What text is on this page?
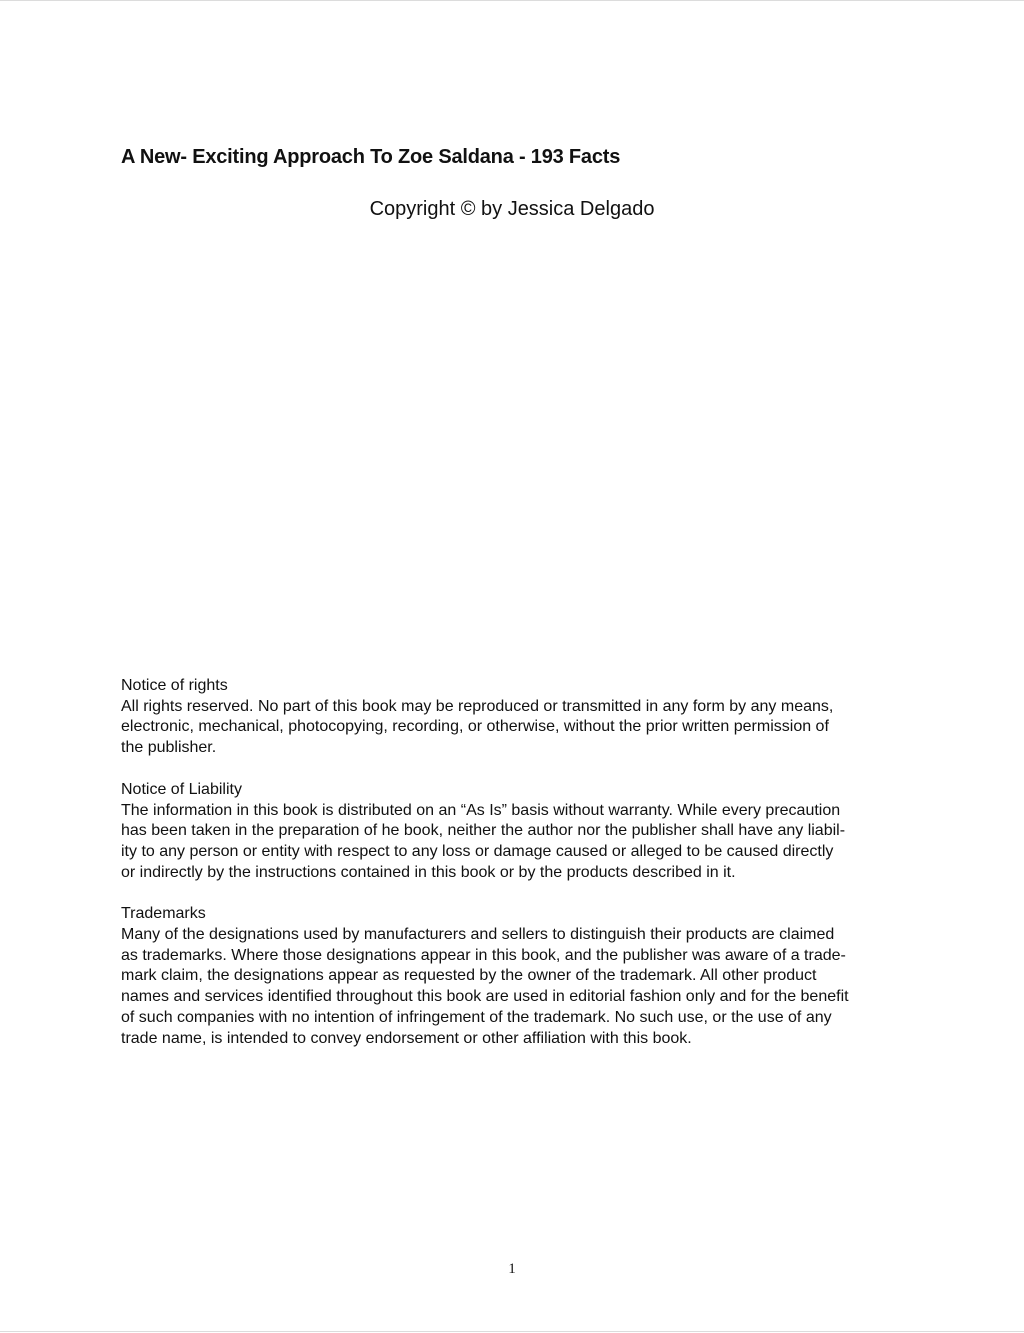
A New- Exciting Approach To Zoe Saldana - 193 Facts
Copyright © by Jessica Delgado
Notice of rights
All rights reserved. No part of this book may be reproduced or transmitted in any form by any means,
electronic, mechanical, photocopying, recording, or otherwise, without the prior written permission of
the publisher.
Notice of Liability
The information in this book is distributed on an “As Is” basis without warranty. While every precaution
has been taken in the preparation of he book, neither the author nor the publisher shall have any liabil-
ity to any person or entity with respect to any loss or damage caused or alleged to be caused directly
or indirectly by the instructions contained in this book or by the products described in it.
Trademarks
Many of the designations used by manufacturers and sellers to distinguish their products are claimed
as trademarks. Where those designations appear in this book, and the publisher was aware of a trade-
mark claim, the designations appear as requested by the owner of the trademark. All other product
names and services identified throughout this book are used in editorial fashion only and for the benefit
of such companies with no intention of infringement of the trademark. No such use, or the use of any
trade name, is intended to convey endorsement or other affiliation with this book.
1
